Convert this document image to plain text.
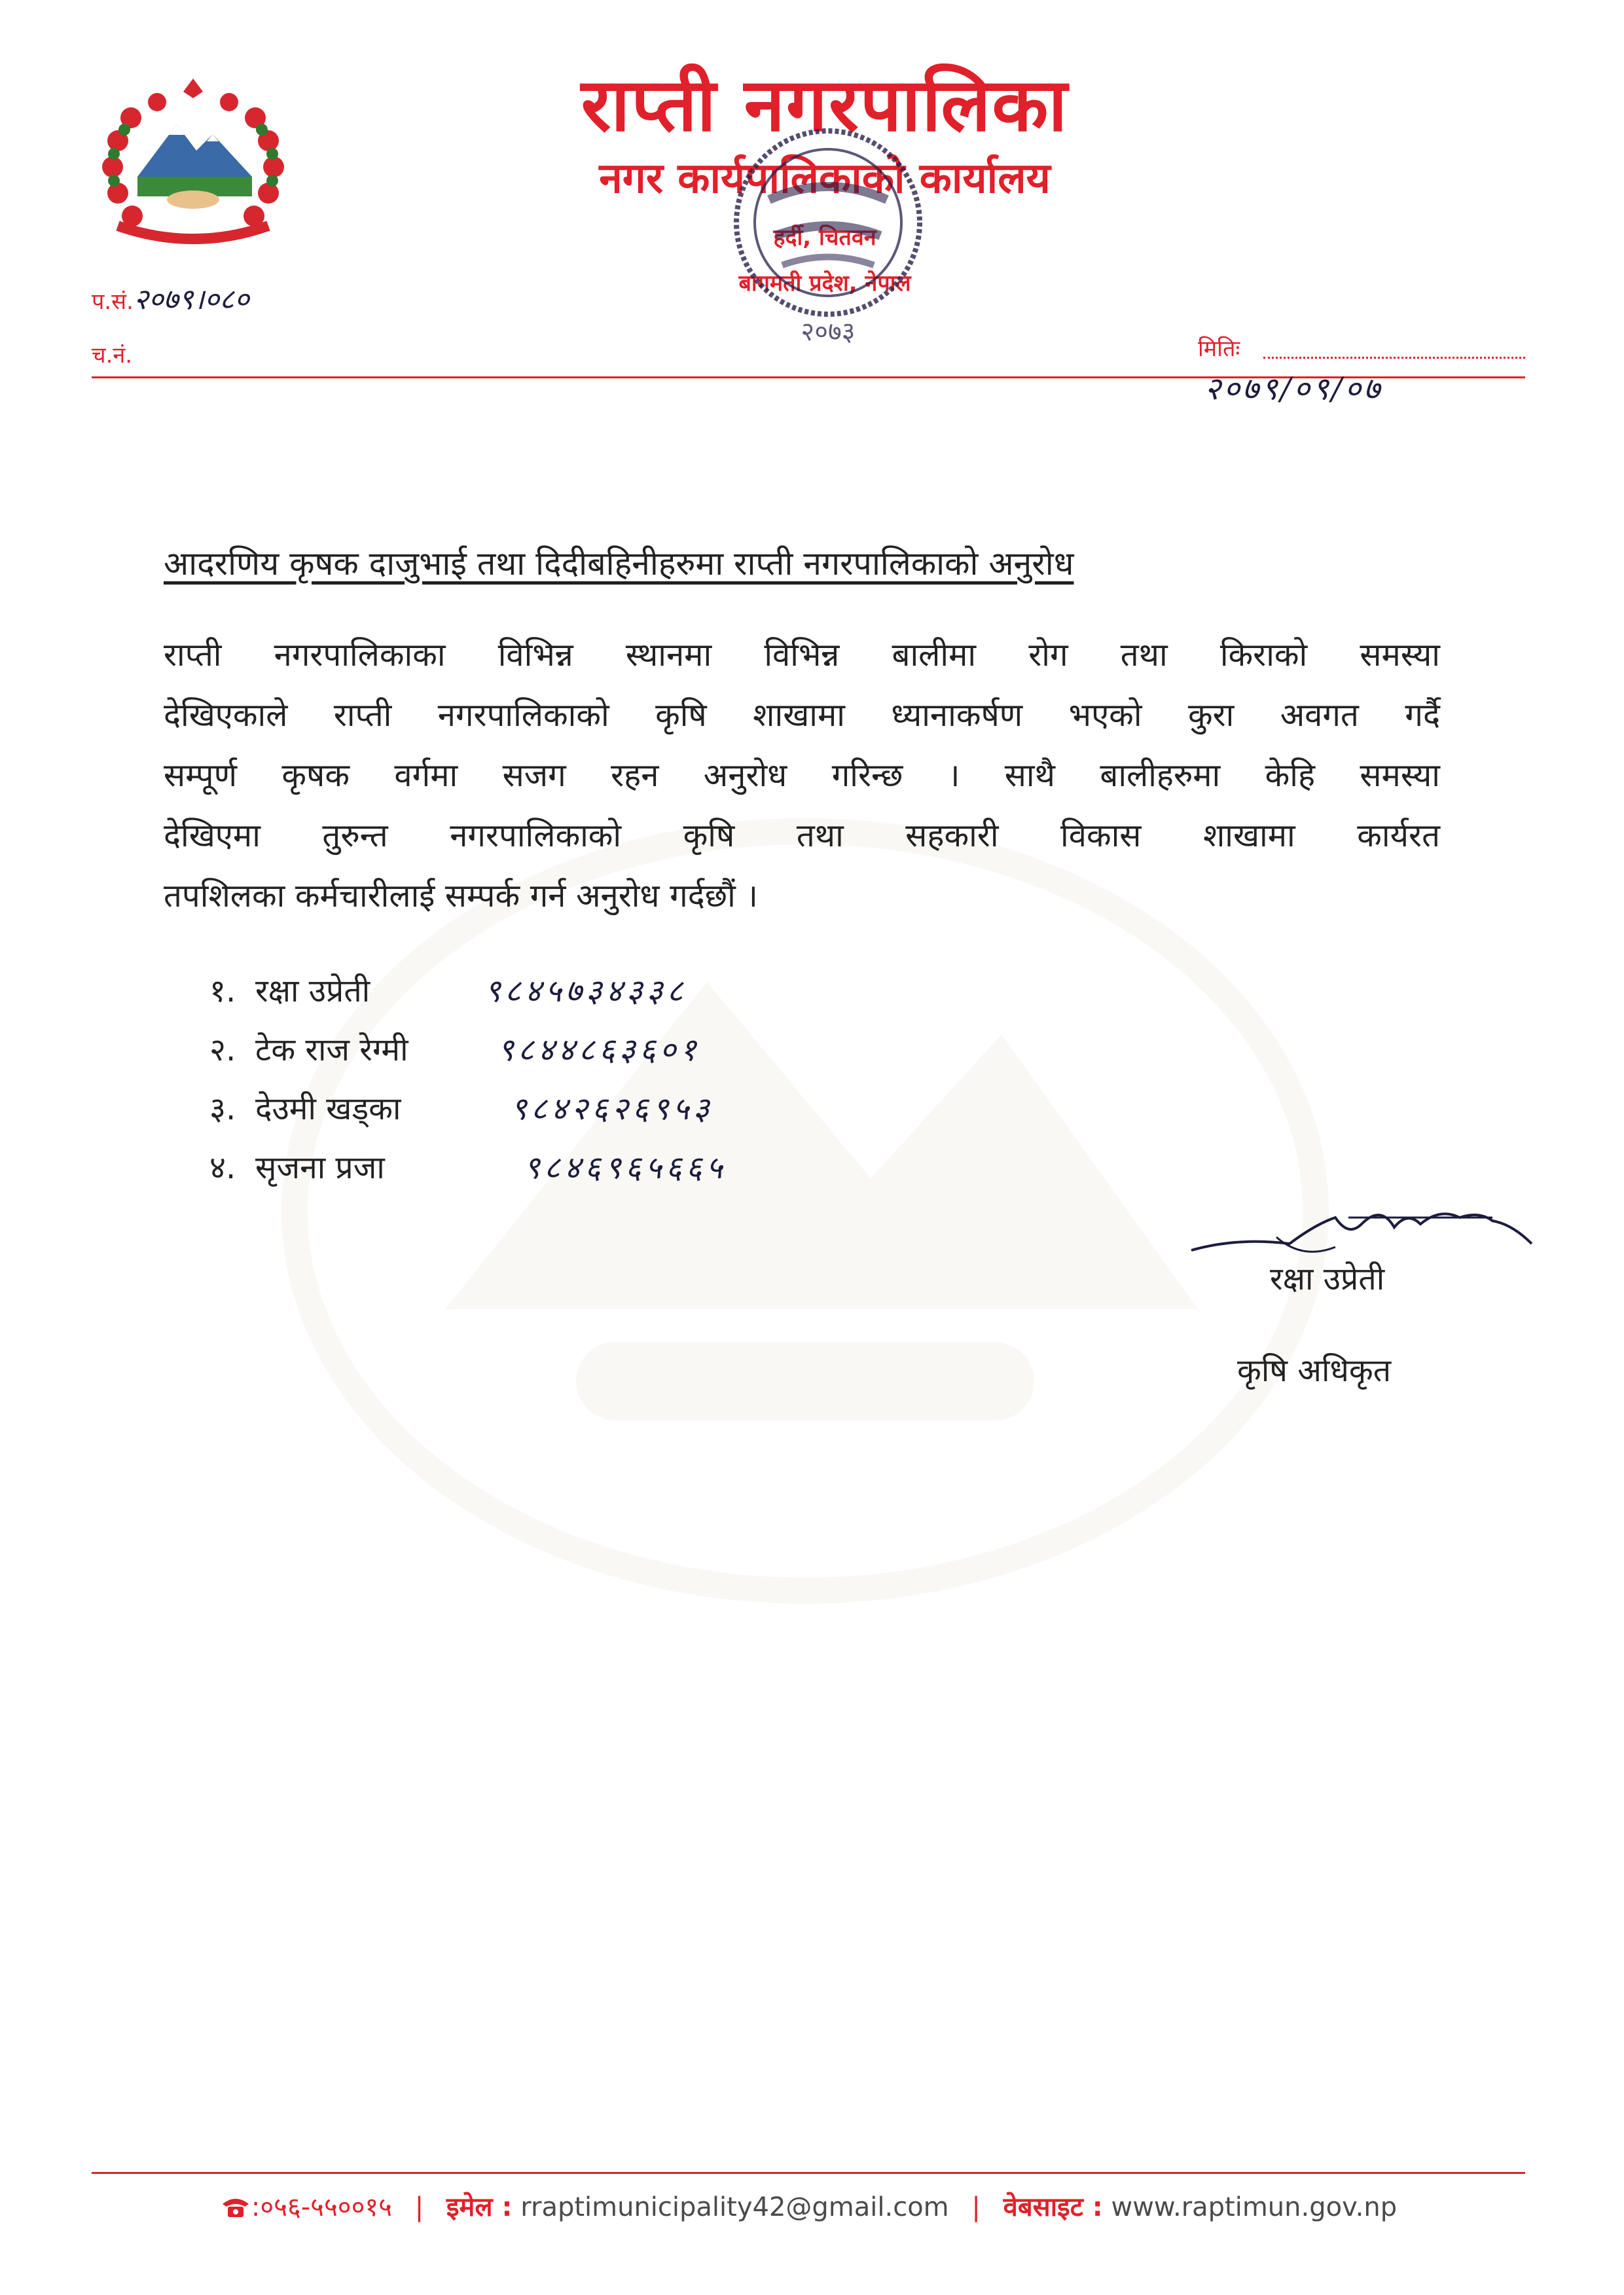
राप्ती नगरपालिका
नगर कार्यपालिकाको कार्यालय
हर्दी, चितवन
बागमती प्रदेश, नेपाल
२०७३
प.सं.२०७९।०८०
च.नं.	मितिः
२०७९/०९/०७
आदरणिय कृषक दाजुभाई तथा दिदीबहिनीहरुमा राप्ती नगरपालिकाको अनुरोध
राप्ती नगरपालिकाका विभिन्न स्थानमा विभिन्न बालीमा रोग तथा किराको समस्या
देखिएकाले राप्ती नगरपालिकाको कृषि शाखामा ध्यानाकर्षण भएको कुरा अवगत गर्दै
सम्पूर्ण कृषक वर्गमा सजग रहन अनुरोध गरिन्छ । साथै बालीहरुमा केहि समस्या
देखिएमा तुरुन्त नगरपालिकाको कृषि तथा सहकारी विकास शाखामा कार्यरत
तपशिलका कर्मचारीलाई सम्पर्क गर्न अनुरोध गर्दछौं ।
१. रक्षा उप्रेती	९८४५७३४३३८
२. टेक राज रेग्मी	९८४४८६३६०१
३. देउमी खड्का	९८४२६२६९५३
४. सृजना प्रजा	९८४६९६५६६५
रक्षा उप्रेती
कृषि अधिकृत
:०५६-५५००१५ | इमेल : rraptimunicipality42@gmail.com | वेबसाइट : www.raptimun.gov.np
